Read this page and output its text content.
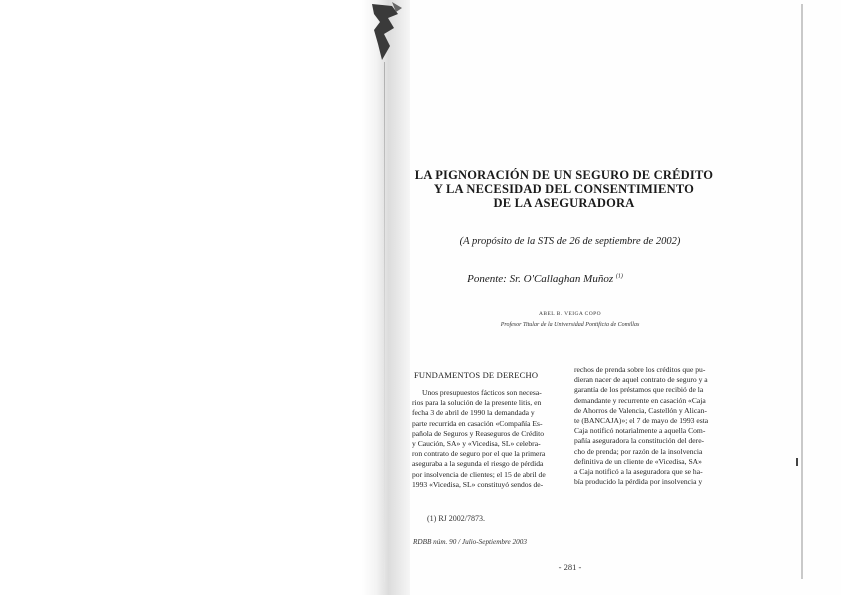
LA PIGNORACIÓN DE UN SEGURO DE CRÉDITO
Y LA NECESIDAD DEL CONSENTIMIENTO
DE LA ASEGURADORA
(A propósito de la STS de 26 de septiembre de 2002)
Ponente: Sr. O'Callaghan Muñoz $^{(1)}$
ABEL B. VEIGA COPO
Profesor Titular de la Universidad Pontificia de Comillas
FUNDAMENTOS DE DERECHO
Unos presupuestos fácticos son necesa-
rios para la solución de la presente litis, en
fecha 3 de abril de 1990 la demandada y
parte recurrida en casación «Compañía Es-
pañola de Seguros y Reaseguros de Crédito
y Caución, SA» y «Vicedisa, SL» celebra-
ron contrato de seguro por el que la primera
aseguraba a la segunda el riesgo de pérdida
por insolvencia de clientes; el 15 de abril de
1993 «Vicedisa, SL» constituyó sendos de-
rechos de prenda sobre los créditos que pu-
dieran nacer de aquel contrato de seguro y a
garantía de los préstamos que recibió de la
demandante y recurrente en casación «Caja
de Ahorros de Valencia, Castellón y Alican-
te (BANCAJA)»; el 7 de mayo de 1993 esta
Caja notificó notarialmente a aquella Com-
pañía aseguradora la constitución del dere-
cho de prenda; por razón de la insolvencia
definitiva de un cliente de «Vicedisa, SA»
a Caja notificó a la aseguradora que se ha-
bía producido la pérdida por insolvencia y
(1) RJ 2002/7873.
RDBB núm. 90 / Julio-Septiembre 2003
- 281 -
